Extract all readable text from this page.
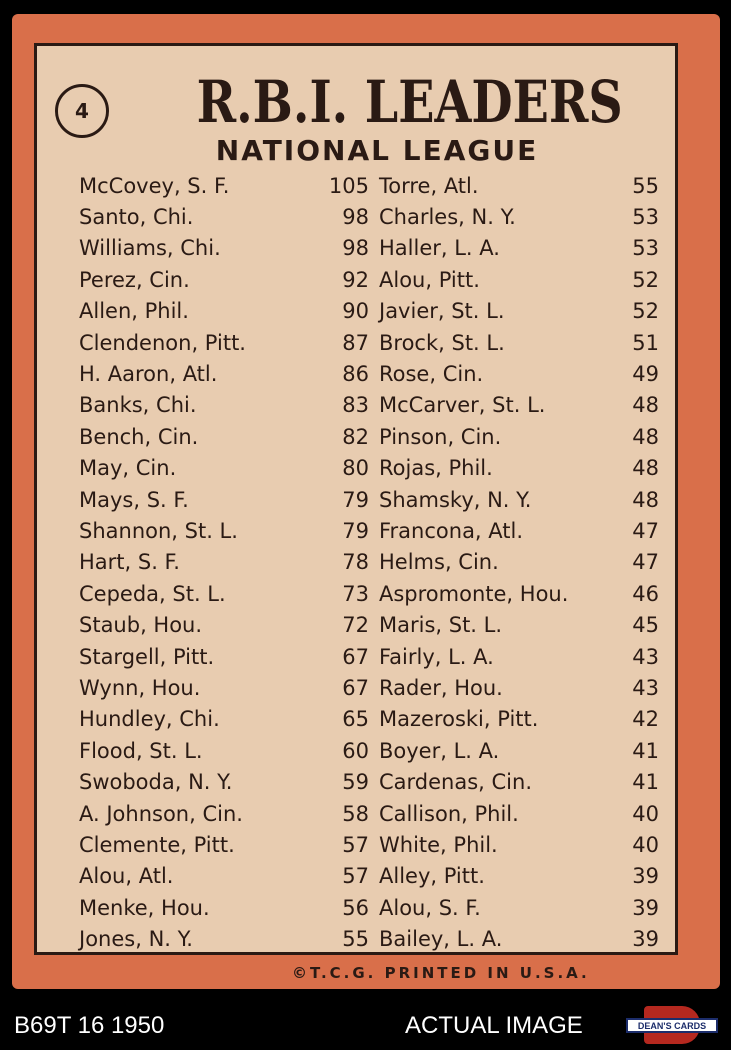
4	R.B.I. LEADERS
NATIONAL LEAGUE
McCovey, S. F.	105
Santo, Chi.	98
Williams, Chi.	98
Perez, Cin.	92
Allen, Phil.	90
Clendenon, Pitt.	87
H. Aaron, Atl.	86
Banks, Chi.	83
Bench, Cin.	82
May, Cin.	80
Mays, S. F.	79
Shannon, St. L.	79
Hart, S. F.	78
Cepeda, St. L.	73
Staub, Hou.	72
Stargell, Pitt.	67
Wynn, Hou.	67
Hundley, Chi.	65
Flood, St. L.	60
Swoboda, N. Y.	59
A. Johnson, Cin.	58
Clemente, Pitt.	57
Alou, Atl.	57
Menke, Hou.	56
Jones, N. Y.	55
Torre, Atl.	55
Charles, N. Y.	53
Haller, L. A.	53
Alou, Pitt.	52
Javier, St. L.	52
Brock, St. L.	51
Rose, Cin.	49
McCarver, St. L.	48
Pinson, Cin.	48
Rojas, Phil.	48
Shamsky, N. Y.	48
Francona, Atl.	47
Helms, Cin.	47
Aspromonte, Hou.	46
Maris, St. L.	45
Fairly, L. A.	43
Rader, Hou.	43
Mazeroski, Pitt.	42
Boyer, L. A.	41
Cardenas, Cin.	41
Callison, Phil.	40
White, Phil.	40
Alley, Pitt.	39
Alou, S. F.	39
Bailey, L. A.	39
©T.C.G. PRINTED IN U.S.A.
B69T 16 1950	ACTUAL IMAGE	DEAN'S CARDS
